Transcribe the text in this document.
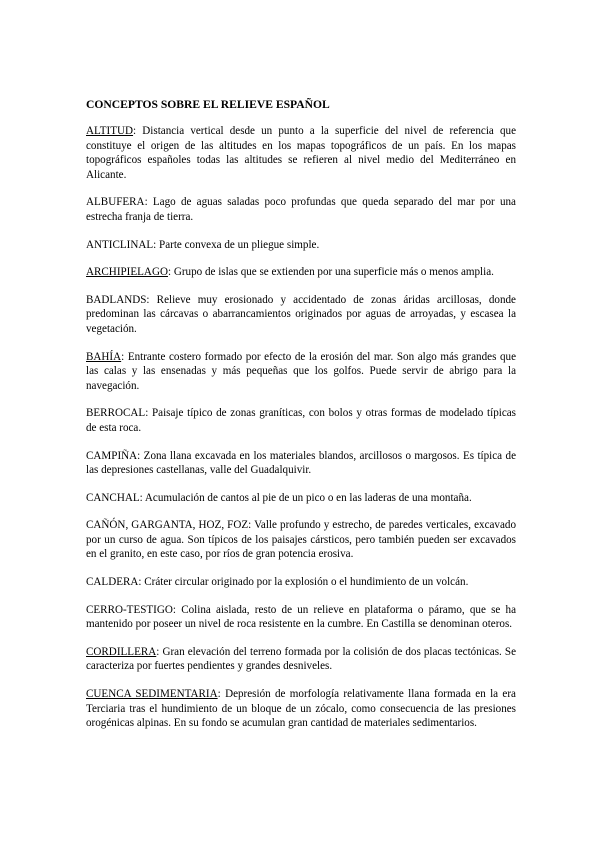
CONCEPTOS SOBRE EL RELIEVE ESPAÑOL

ALTITUD: Distancia vertical desde un punto a la superficie del nivel de referencia que constituye el origen de las altitudes en los mapas topográficos de un país. En los mapas topográficos españoles todas las altitudes se refieren al nivel medio del Mediterráneo en Alicante.

ALBUFERA: Lago de aguas saladas poco profundas que queda separado del mar por una estrecha franja de tierra.

ANTICLINAL: Parte convexa de un pliegue simple.

ARCHIPIELAGO: Grupo de islas que se extienden por una superficie más o menos amplia.

BADLANDS: Relieve muy erosionado y accidentado de zonas áridas arcillosas, donde predominan las cárcavas o abarrancamientos originados por aguas de arroyadas, y escasea la vegetación.

BAHÍA: Entrante costero formado por efecto de la erosión del mar. Son algo más grandes que las calas y las ensenadas y más pequeñas que los golfos. Puede servir de abrigo para la navegación.

BERROCAL: Paisaje típico de zonas graníticas, con bolos y otras formas de modelado típicas de esta roca.

CAMPIÑA: Zona llana excavada en los materiales blandos, arcillosos o margosos. Es típica de las depresiones castellanas, valle del Guadalquivir.

CANCHAL: Acumulación de cantos al pie de un pico o en las laderas de una montaña.

CAÑÓN, GARGANTA, HOZ, FOZ: Valle profundo y estrecho, de paredes verticales, excavado por un curso de agua. Son típicos de los paisajes cársticos, pero también pueden ser excavados en el granito, en este caso, por ríos de gran potencia erosiva.

CALDERA: Cráter circular originado por la explosión o el hundimiento de un volcán.

CERRO-TESTIGO: Colina aislada, resto de un relieve en plataforma o páramo, que se ha mantenido por poseer un nivel de roca resistente en la cumbre. En Castilla se denominan oteros.

CORDILLERA: Gran elevación del terreno formada por la colisión de dos placas tectónicas. Se caracteriza por fuertes pendientes y grandes desniveles.

CUENCA SEDIMENTARIA: Depresión de morfología relativamente llana formada en la era Terciaria tras el hundimiento de un bloque de un zócalo, como consecuencia de las presiones orogénicas alpinas. En su fondo se acumulan gran cantidad de materiales sedimentarios.
